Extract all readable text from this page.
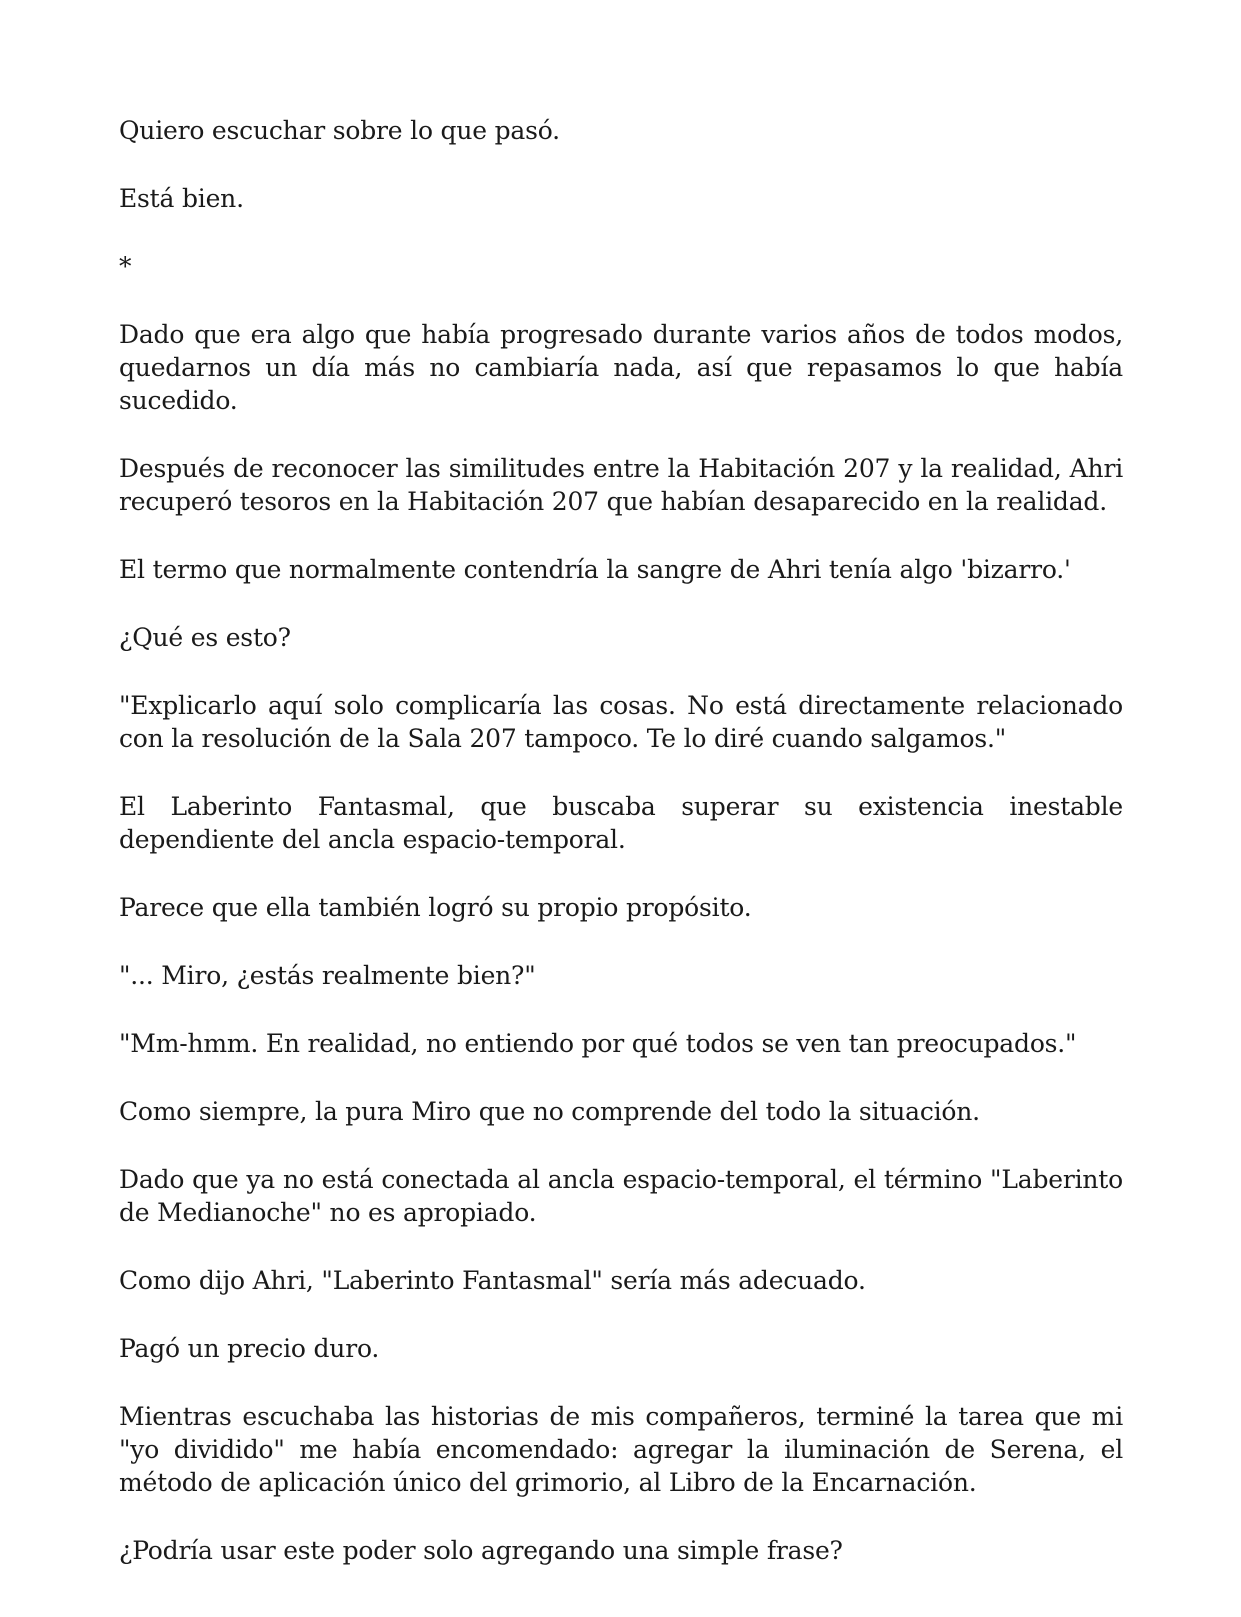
Quiero escuchar sobre lo que pasó.

Está bien.

*

Dado que era algo que había progresado durante varios años de todos modos, quedarnos un día más no cambiaría nada, así que repasamos lo que había sucedido.

Después de reconocer las similitudes entre la Habitación 207 y la realidad, Ahri recuperó tesoros en la Habitación 207 que habían desaparecido en la realidad.

El termo que normalmente contendría la sangre de Ahri tenía algo 'bizarro.'

¿Qué es esto?

"Explicarlo aquí solo complicaría las cosas. No está directamente relacionado con la resolución de la Sala 207 tampoco. Te lo diré cuando salgamos."

El Laberinto Fantasmal, que buscaba superar su existencia inestable dependiente del ancla espacio-temporal.

Parece que ella también logró su propio propósito.

"... Miro, ¿estás realmente bien?"

"Mm-hmm. En realidad, no entiendo por qué todos se ven tan preocupados."

Como siempre, la pura Miro que no comprende del todo la situación.

Dado que ya no está conectada al ancla espacio-temporal, el término "Laberinto de Medianoche" no es apropiado.

Como dijo Ahri, "Laberinto Fantasmal" sería más adecuado.

Pagó un precio duro.

Mientras escuchaba las historias de mis compañeros, terminé la tarea que mi "yo dividido" me había encomendado: agregar la iluminación de Serena, el método de aplicación único del grimorio, al Libro de la Encarnación.

¿Podría usar este poder solo agregando una simple frase?
